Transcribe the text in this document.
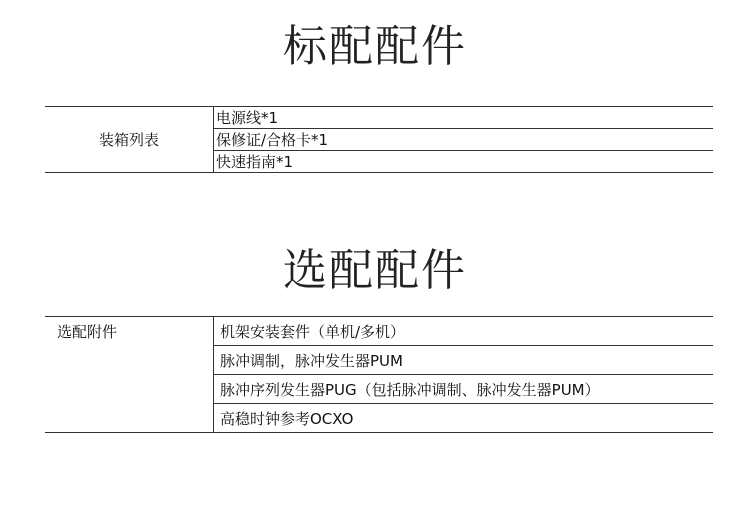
标配配件
装箱列表	电源线*1
保修证/合格卡*1
快速指南*1
选配配件
选配附件	机架安装套件（单机/多机）
脉冲调制，脉冲发生器PUM
脉冲序列发生器PUG（包括脉冲调制、脉冲发生器PUM）
高稳时钟参考OCXO
